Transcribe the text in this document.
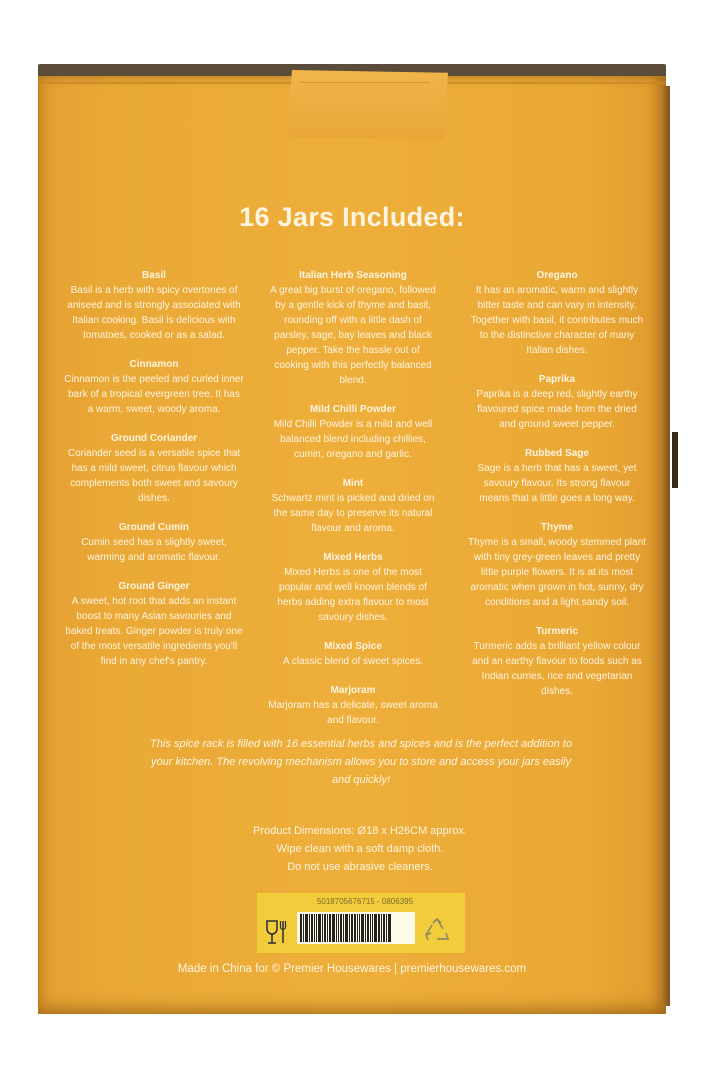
16 Jars Included:
Basil
Basil is a herb with spicy overtones of aniseed and is strongly associated with Italian cooking. Basil is delicious with tomatoes, cooked or as a salad.
Cinnamon
Cinnamon is the peeled and curled inner bark of a tropical evergreen tree. It has a warm, sweet, woody aroma.
Ground Coriander
Coriander seed is a versatile spice that has a mild sweet, citrus flavour which complements both sweet and savoury dishes.
Ground Cumin
Cumin seed has a slightly sweet, warming and aromatic flavour.
Ground Ginger
A sweet, hot root that adds an instant boost to many Asian savouries and baked treats. Ginger powder is truly one of the most versatile ingredients you'll find in any chef's pantry.
Italian Herb Seasoning
A great big burst of oregano, followed by a gentle kick of thyme and basil, rounding off with a little dash of parsley, sage, bay leaves and black pepper. Take the hassle out of cooking with this perfectly balanced blend.
Mild Chilli Powder
Mild Chilli Powder is a mild and well balanced blend including chillies, cumin, oregano and garlic.
Mint
Schwartz mint is picked and dried on the same day to preserve its natural flavour and aroma.
Mixed Herbs
Mixed Herbs is one of the most popular and well known blends of herbs adding extra flavour to most savoury dishes.
Mixed Spice
A classic blend of sweet spices.
Marjoram
Marjoram has a delicate, sweet aroma and flavour.
Oregano
It has an aromatic, warm and slightly bitter taste and can vary in intensity. Together with basil, it contributes much to the distinctive character of many Italian dishes.
Paprika
Paprika is a deep red, slightly earthy flavoured spice made from the dried and ground sweet pepper.
Rubbed Sage
Sage is a herb that has a sweet, yet savoury flavour. Its strong flavour means that a little goes a long way.
Thyme
Thyme is a small, woody stemmed plant with tiny grey-green leaves and pretty little purple flowers. It is at its most aromatic when grown in hot, sunny, dry conditions and a light sandy soil.
Turmeric
Turmeric adds a brilliant yellow colour and an earthy flavour to foods such as Indian curries, rice and vegetarian dishes.
This spice rack is filled with 16 essential herbs and spices and is the perfect addition to your kitchen. The revolving mechanism allows you to store and access your jars easily and quickly!
Product Dimensions: Ø18 x H26CM approx.
Wipe clean with a soft damp cloth.
Do not use abrasive cleaners.
5018705676715 - 0806395
Made in China for © Premier Housewares | premierhousewares.com
